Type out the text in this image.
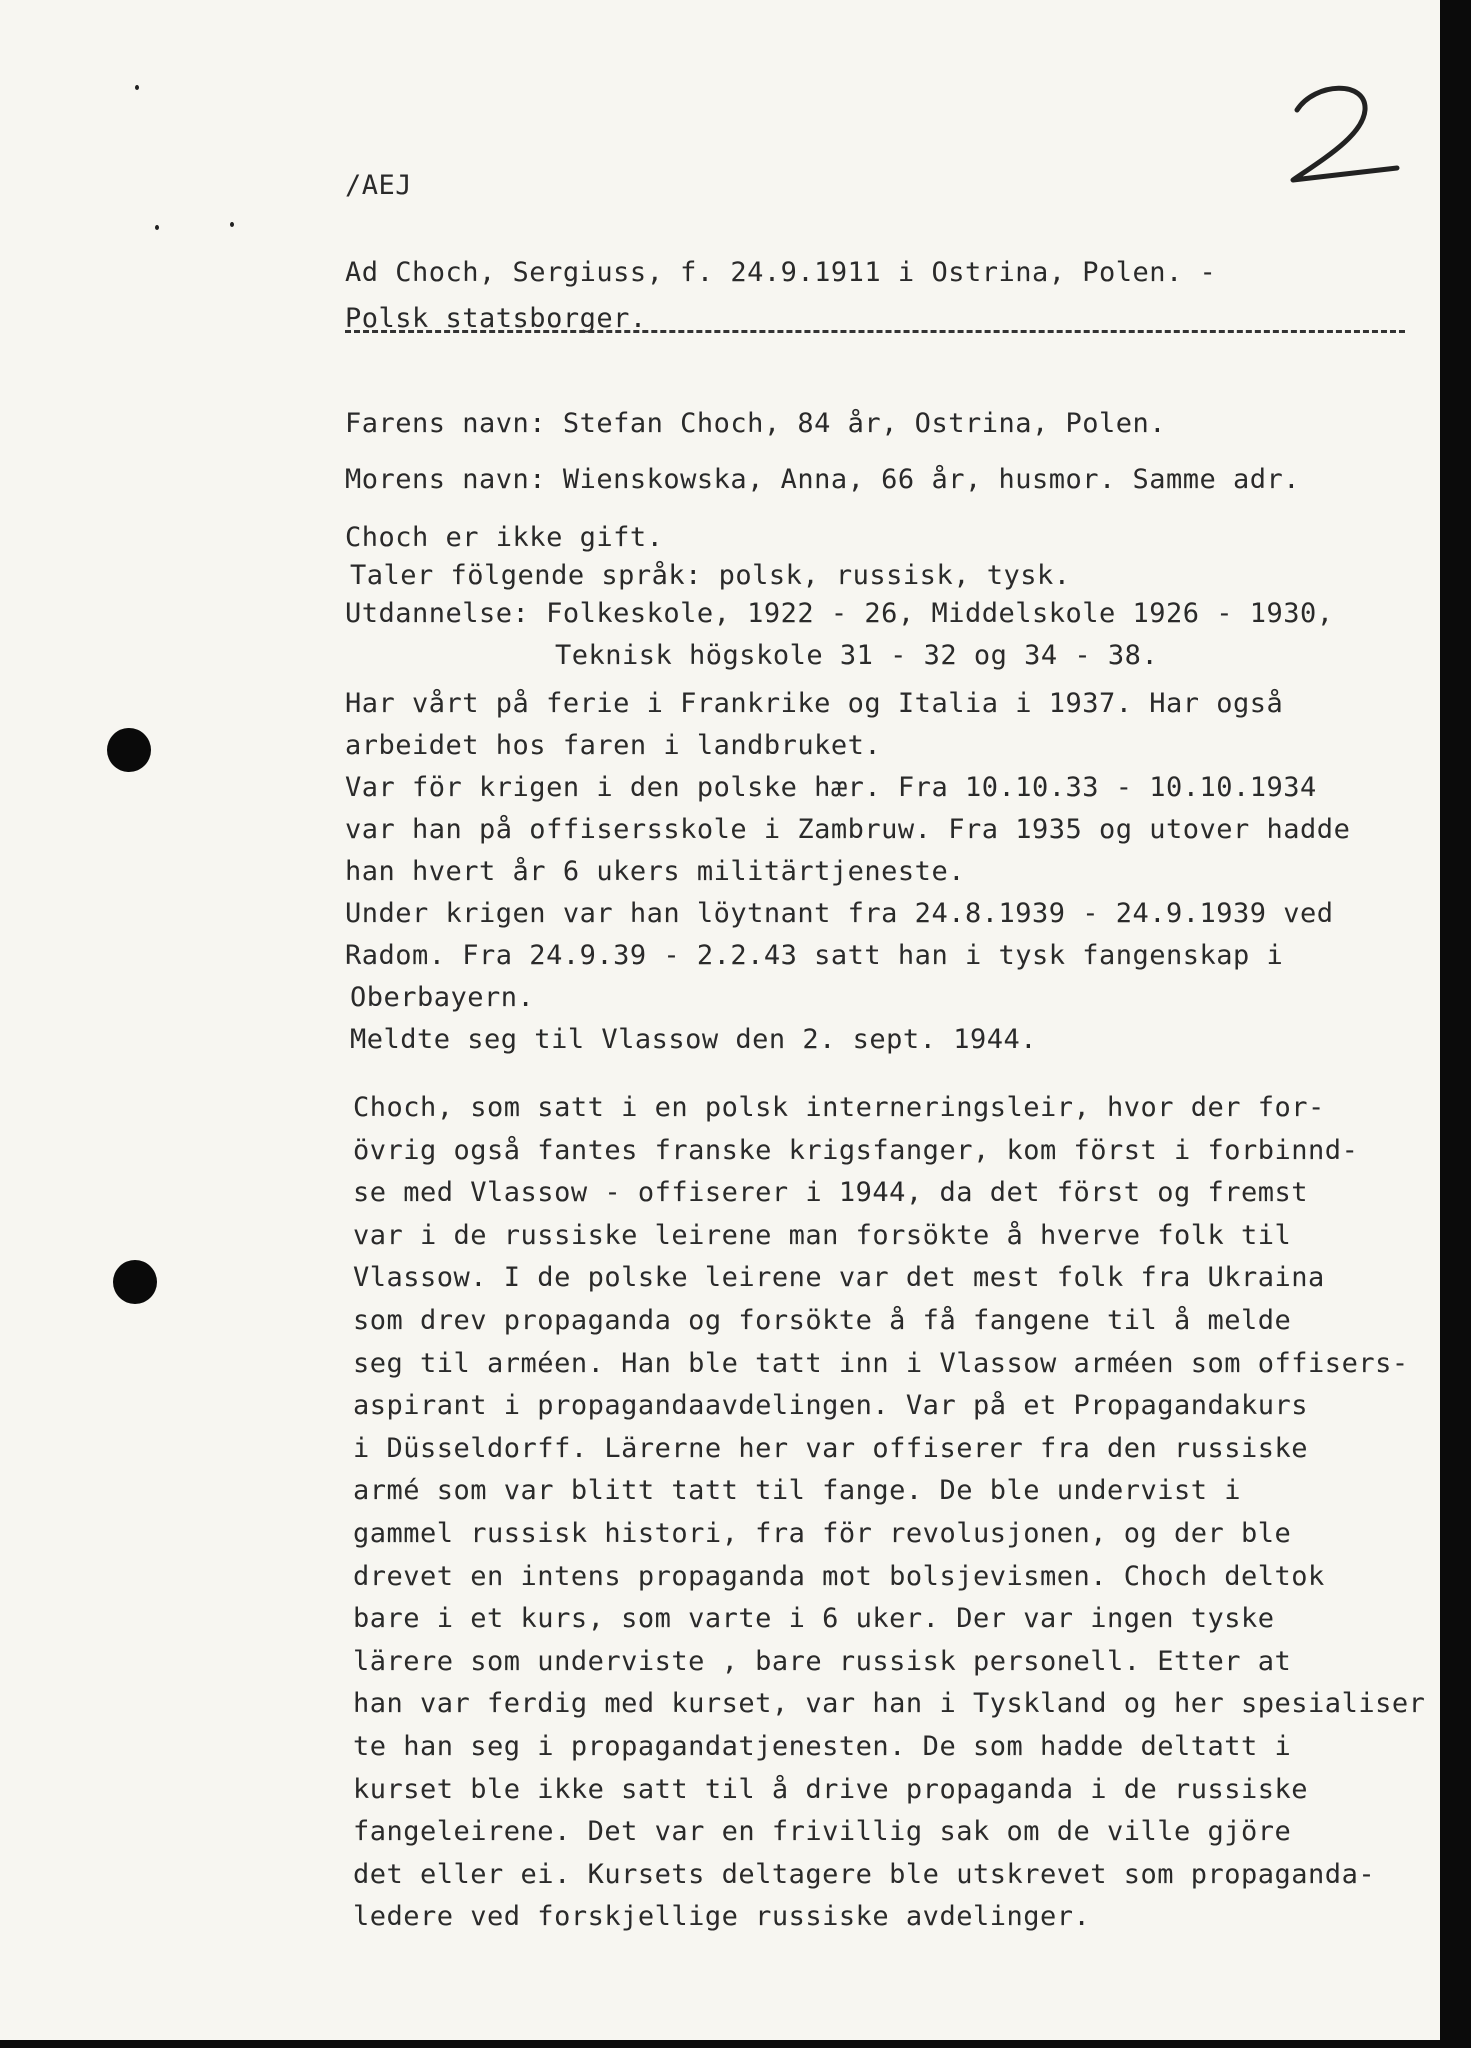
/AEJ
Ad Choch, Sergiuss, f. 24.9.1911 i Ostrina, Polen. -
Polsk statsborger.
Farens navn: Stefan Choch, 84 år, Ostrina, Polen.
Morens navn: Wienskowska, Anna, 66 år, husmor. Samme adr.
Choch er ikke gift.
Taler fölgende språk: polsk, russisk, tysk.
Utdannelse: Folkeskole, 1922 - 26, Middelskole 1926 - 1930,
Teknisk högskole 31 - 32 og 34 - 38.
Har vårt på ferie i Frankrike og Italia i 1937. Har også
arbeidet hos faren i landbruket.
Var för krigen i den polske hær. Fra 10.10.33 - 10.10.1934
var han på offisersskole i Zambruw. Fra 1935 og utover hadde
han hvert år 6 ukers militärtjeneste.
Under krigen var han löytnant fra 24.8.1939 - 24.9.1939 ved
Radom. Fra 24.9.39 - 2.2.43 satt han i tysk fangenskap i
Oberbayern.
Meldte seg til Vlassow den 2. sept. 1944.
Choch, som satt i en polsk interneringsleir, hvor der for-
övrig også fantes franske krigsfanger, kom först i forbinnd-
se med Vlassow - offiserer i 1944, da det först og fremst
var i de russiske leirene man forsökte å hverve folk til
Vlassow. I de polske leirene var det mest folk fra Ukraina
som drev propaganda og forsökte å få fangene til å melde
seg til arméen. Han ble tatt inn i Vlassow arméen som offisers-
aspirant i propagandaavdelingen. Var på et Propagandakurs
i Düsseldorff. Lärerne her var offiserer fra den russiske
armé som var blitt tatt til fange. De ble undervist i
gammel russisk histori, fra för revolusjonen, og der ble
drevet en intens propaganda mot bolsjevismen. Choch deltok
bare i et kurs, som varte i 6 uker. Der var ingen tyske
lärere som underviste , bare russisk personell. Etter at
han var ferdig med kurset, var han i Tyskland og her spesialiser
te han seg i propagandatjenesten. De som hadde deltatt i
kurset ble ikke satt til å drive propaganda i de russiske
fangeleirene. Det var en frivillig sak om de ville gjöre
det eller ei. Kursets deltagere ble utskrevet som propaganda-
ledere ved forskjellige russiske avdelinger.
